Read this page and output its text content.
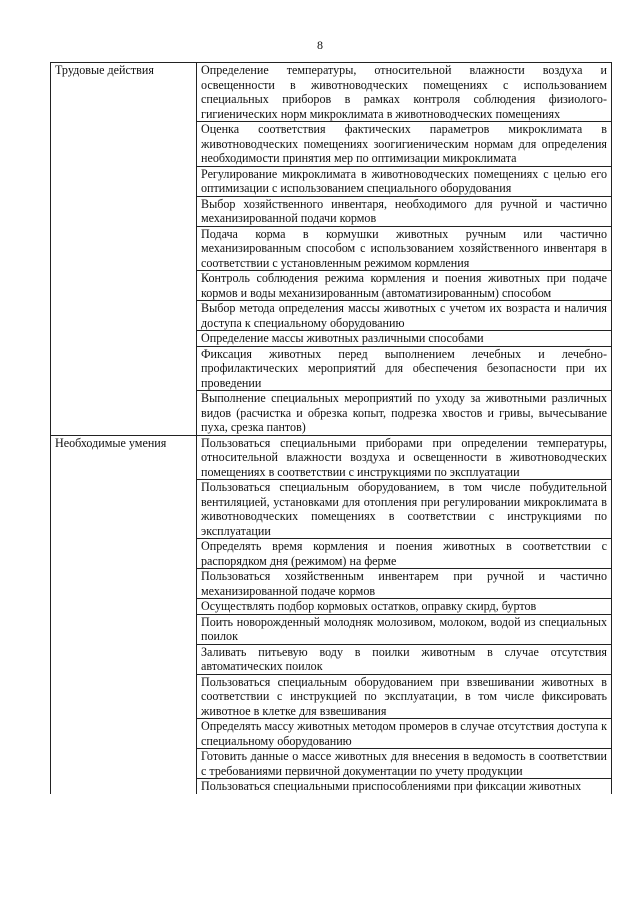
8
Трудовые действия	Определение температуры, относительной влажности воздуха и освещенности в животноводческих помещениях с использованием специальных приборов в рамках контроля соблюдения физиолого-гигиенических норм микроклимата в животноводческих помещениях
	Оценка соответствия фактических параметров микроклимата в животноводческих помещениях зоогигиеническим нормам для определения необходимости принятия мер по оптимизации микроклимата
	Регулирование микроклимата в животноводческих помещениях с целью его оптимизации с использованием специального оборудования
	Выбор хозяйственного инвентаря, необходимого для ручной и частично механизированной подачи кормов
	Подача корма в кормушки животных ручным или частично механизированным способом с использованием хозяйственного инвентаря в соответствии с установленным режимом кормления
	Контроль соблюдения режима кормления и поения животных при подаче кормов и воды механизированным (автоматизированным) способом
	Выбор метода определения массы животных с учетом их возраста и наличия доступа к специальному оборудованию
	Определение массы животных различными способами
	Фиксация животных перед выполнением лечебных и лечебно-профилактических мероприятий для обеспечения безопасности при их проведении
	Выполнение специальных мероприятий по уходу за животными различных видов (расчистка и обрезка копыт, подрезка хвостов и гривы, вычесывание пуха, срезка пантов)
Необходимые умения	Пользоваться специальными приборами при определении температуры, относительной влажности воздуха и освещенности в животноводческих помещениях в соответствии с инструкциями по эксплуатации
	Пользоваться специальным оборудованием, в том числе побудительной вентиляцией, установками для отопления при регулировании микроклимата в животноводческих помещениях в соответствии с инструкциями по эксплуатации
	Определять время кормления и поения животных в соответствии с распорядком дня (режимом) на ферме
	Пользоваться хозяйственным инвентарем при ручной и частично механизированной подаче кормов
	Осуществлять подбор кормовых остатков, оправку скирд, буртов
	Поить новорожденный молодняк молозивом, молоком, водой из специальных поилок
	Заливать питьевую воду в поилки животным в случае отсутствия автоматических поилок
	Пользоваться специальным оборудованием при взвешивании животных в соответствии с инструкцией по эксплуатации, в том числе фиксировать животное в клетке для взвешивания
	Определять массу животных методом промеров в случае отсутствия доступа к специальному оборудованию
	Готовить данные о массе животных для внесения в ведомость в соответствии с требованиями первичной документации по учету продукции
	Пользоваться специальными приспособлениями при фиксации животных
